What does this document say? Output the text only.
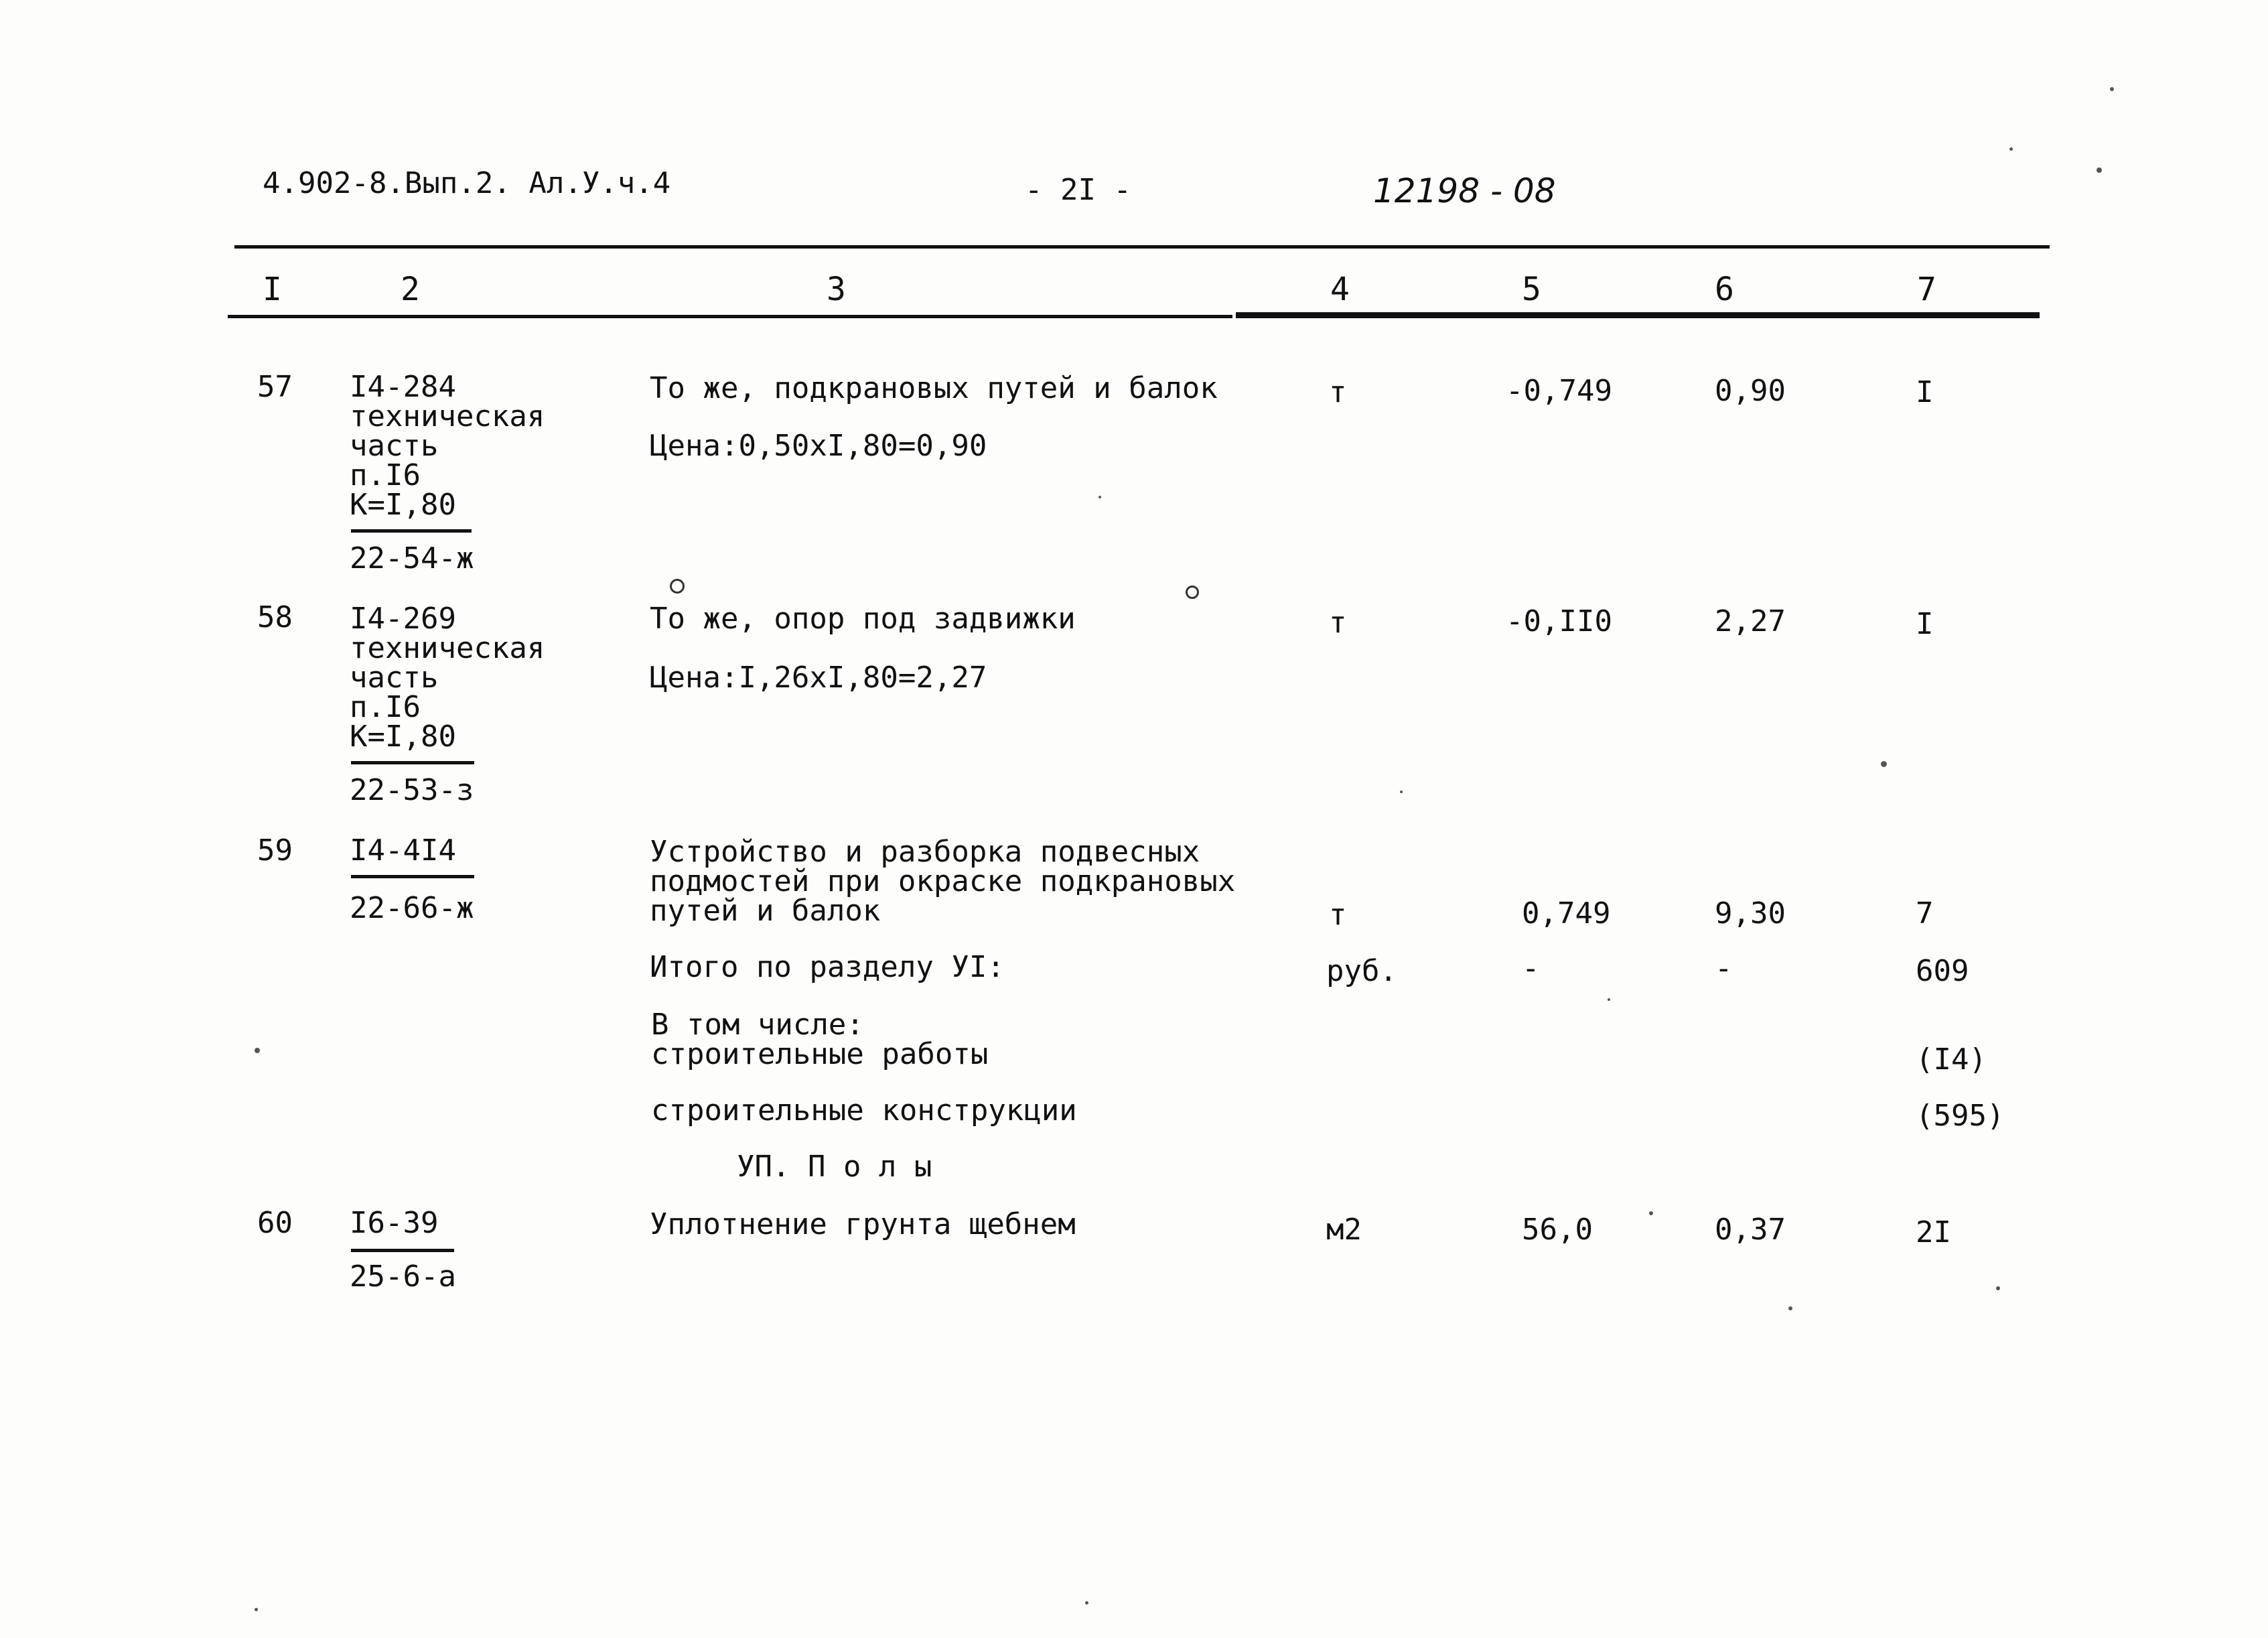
4.902-8.Вып.2. Ал.У.ч.4	- 2I -	12198 - 08
I	2	3	4	5	6	7
57 I4-284
техническая
часть
п.I6
К=I,80
22-54-ж
То же, подкрановых путей и балок
Цена:0,50хI,80=0,90
т	-0,749	0,90	I
58 I4-269
техническая
часть
п.I6
К=I,80
22-53-з
То же, опор под задвижки
Цена:I,26хI,80=2,27
т	-0,II0	2,27	I
59 I4-4I4
22-66-ж
Устройство и разборка подвесных
подмостей при окраске подкрановых
путей и балок	т	0,749	9,30	7
Итого по разделу УI:	руб.	-	-	609
В том числе:
строительные работы	(I4)
строительные конструкции	(595)
УП. П о л ы
60 I6-39
25-6-а
Уплотнение грунта щебнем	м2	56,0	0,37	2I
